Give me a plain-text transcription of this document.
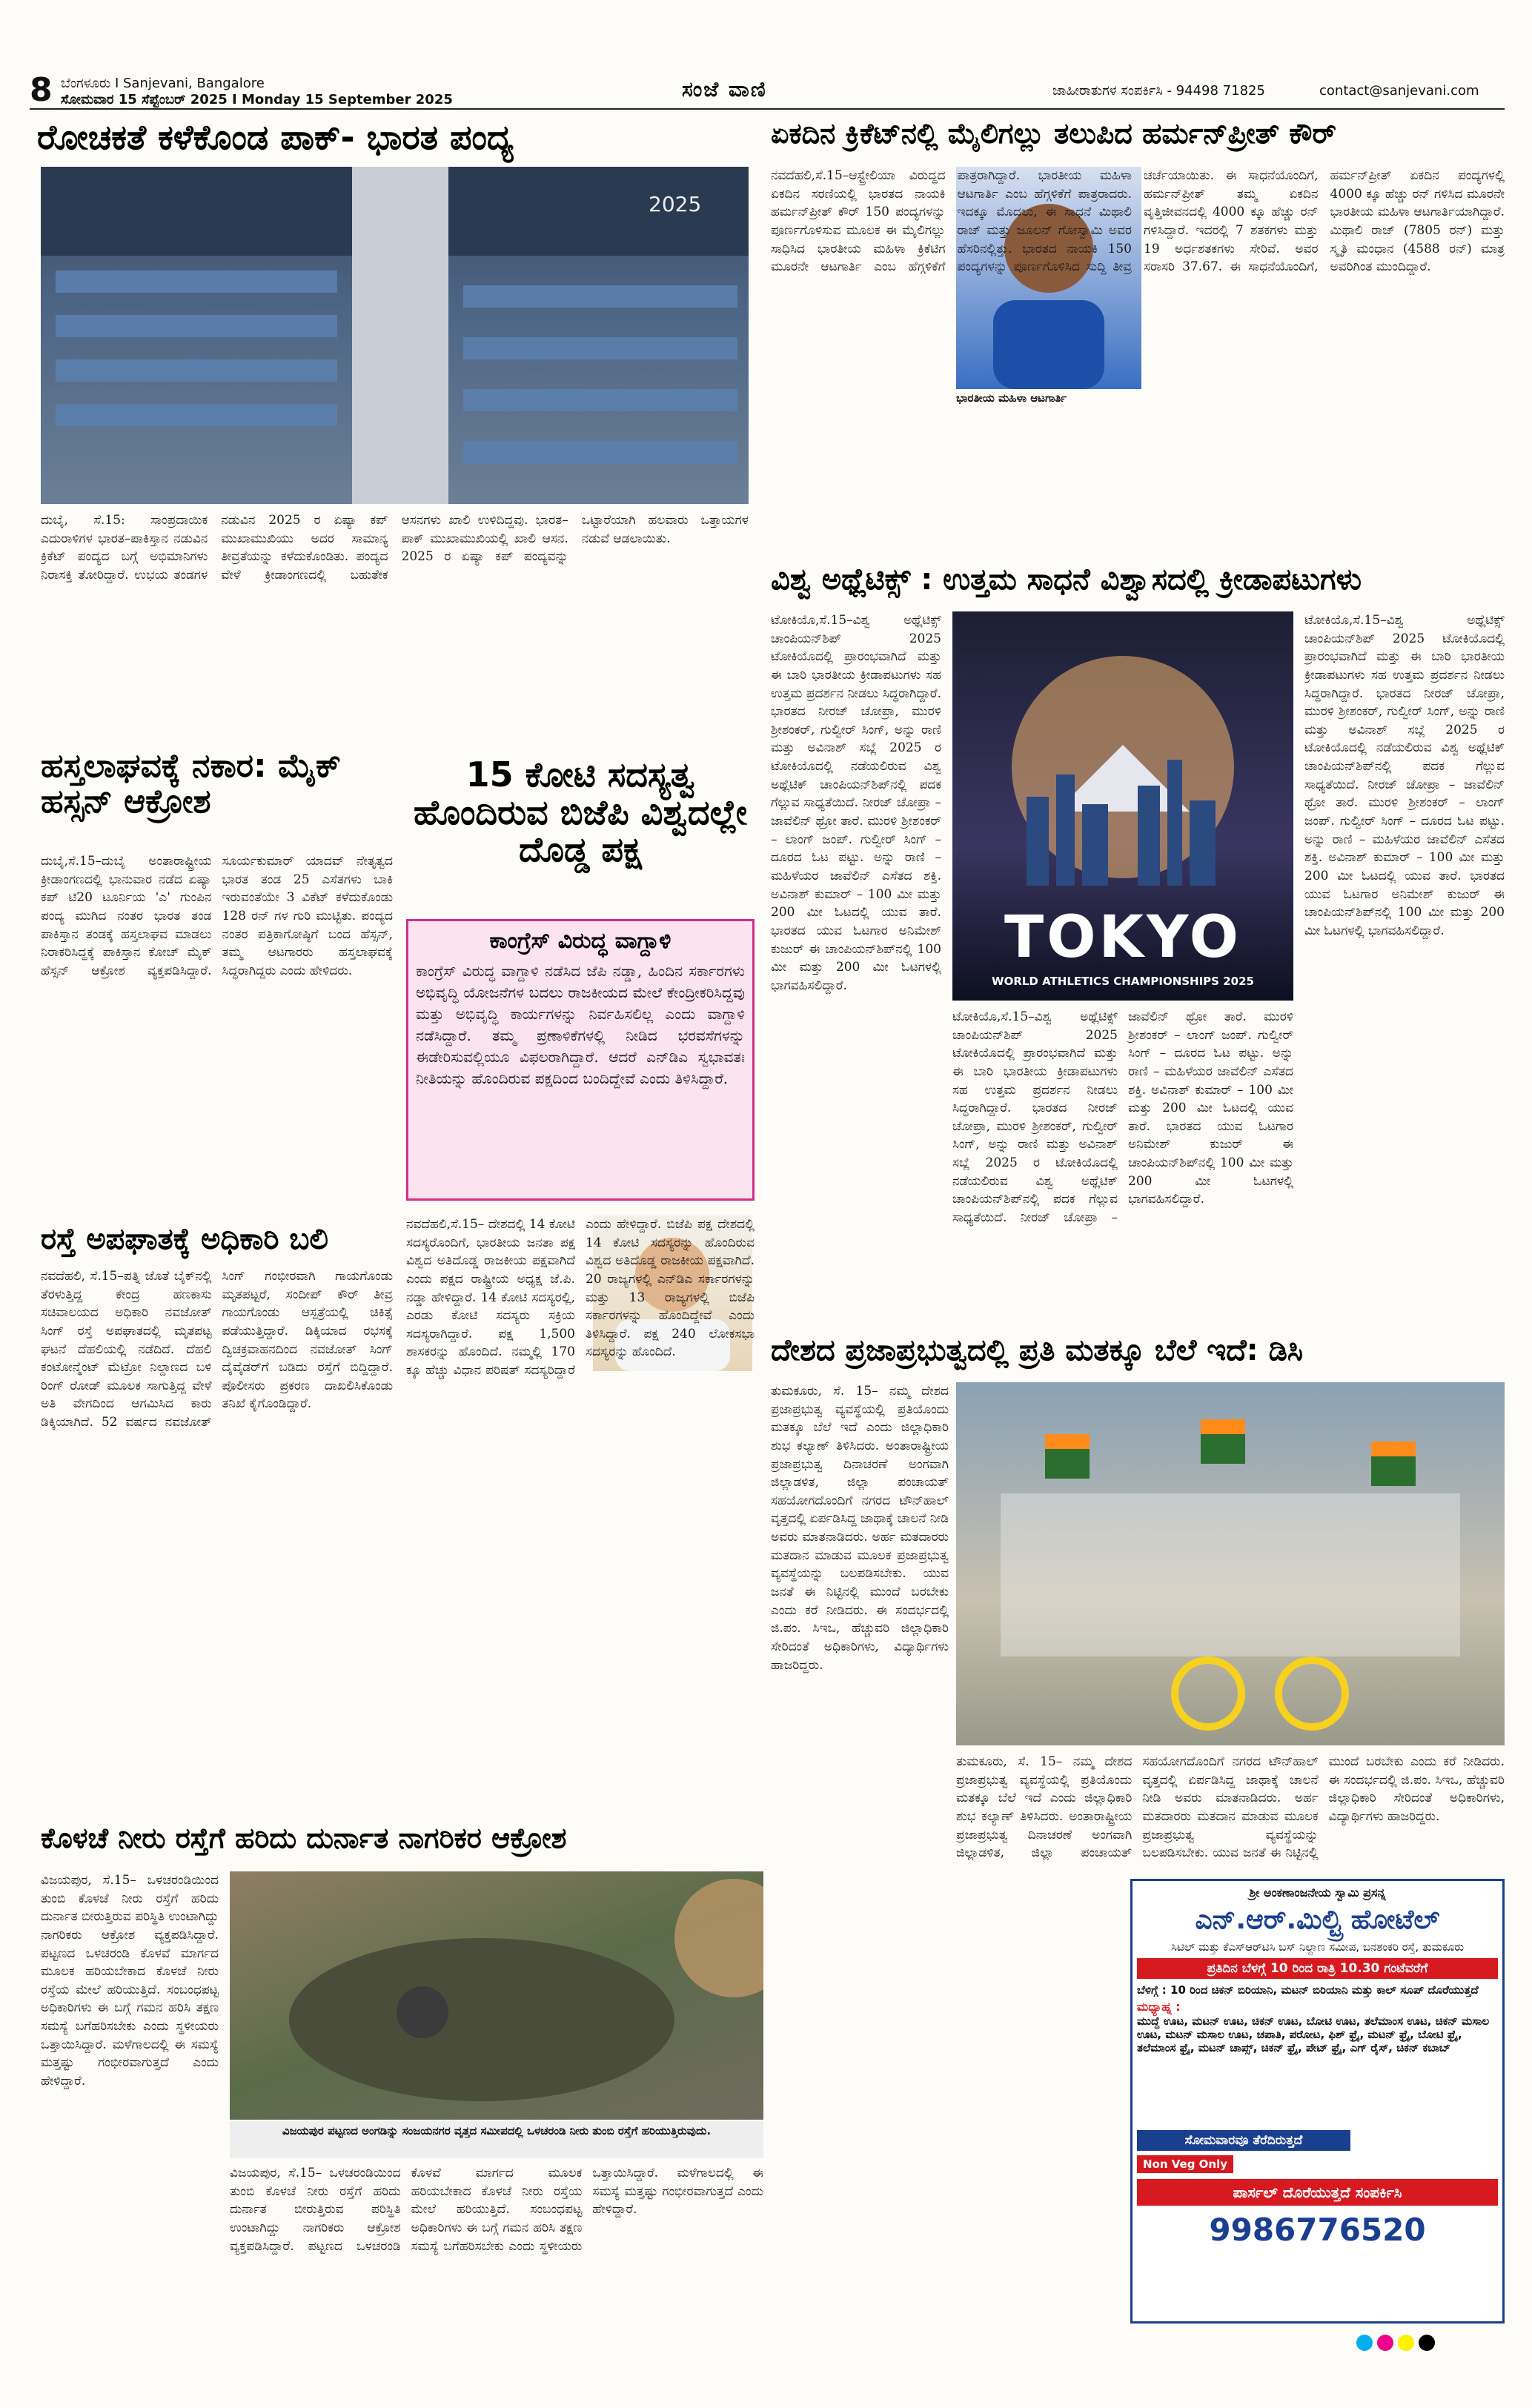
8 ಬೆಂಗಳೂರು I Sanjevani, Bangalore
ಸೋಮವಾರ 15 ಸೆಪ್ಟೆಂಬರ್ 2025 I Monday 15 September 2025	ಸಂಜೆ ವಾಣಿ	ಜಾಹೀರಾತುಗಳ ಸಂಪರ್ಕಿಸಿ - 94498 71825	contact@sanjevani.com
ರೋಚಕತೆ ಕಳೆಕೊಂಡ ಪಾಕ್- ಭಾರತ ಪಂದ್ಯ
2025
ದುಬೈ, ಸೆ.15: ಸಾಂಪ್ರದಾಯಿಕ ಎದುರಾಳಿಗಳ ಭಾರತ–ಪಾಕಿಸ್ತಾನ ನಡುವಿನ ಕ್ರಿಕೆಟ್ ಪಂದ್ಯದ ಬಗ್ಗೆ ಅಭಿಮಾನಿಗಳು ನಿರಾಸಕ್ತಿ ತೋರಿದ್ದಾರೆ. ಉಭಯ ತಂಡಗಳ ನಡುವಿನ 2025 ರ ಏಷ್ಯಾ ಕಪ್ ಮುಖಾಮುಖಿಯು ಅದರ ಸಾಮಾನ್ಯ ತೀವ್ರತೆಯನ್ನು ಕಳೆದುಕೊಂಡಿತು. ಪಂದ್ಯದ ವೇಳೆ ಕ್ರೀಡಾಂಗಣದಲ್ಲಿ ಬಹುತೇಕ ಆಸನಗಳು ಖಾಲಿ ಉಳಿದಿದ್ದವು. ಭಾರತ–ಪಾಕ್ ಮುಖಾಮುಖಿಯಲ್ಲಿ ಖಾಲಿ ಆಸನ. 2025 ರ ಏಷ್ಯಾ ಕಪ್ ಪಂದ್ಯವನ್ನು ಒಟ್ಟಾರೆಯಾಗಿ ಹಲವಾರು ಒತ್ತಾಯಗಳ ನಡುವೆ ಆಡಲಾಯಿತು.
ಏಕದಿನ ಕ್ರಿಕೆಟ್‌ನಲ್ಲಿ ಮೈಲಿಗಲ್ಲು ತಲುಪಿದ ಹರ್ಮನ್‌ಪ್ರೀತ್ ಕೌರ್
ಭಾರತೀಯ ಮಹಿಳಾ ಆಟಗಾರ್ತಿ
ನವದೆಹಲಿ,ಸೆ.15–ಆಸ್ಟ್ರೇಲಿಯಾ ವಿರುದ್ಧದ ಏಕದಿನ ಸರಣಿಯಲ್ಲಿ ಭಾರತದ ನಾಯಕಿ ಹರ್ಮನ್‌ಪ್ರೀತ್ ಕೌರ್ 150 ಪಂದ್ಯಗಳನ್ನು ಪೂರ್ಣಗೊಳಿಸುವ ಮೂಲಕ ಈ ಮೈಲಿಗಲ್ಲು ಸಾಧಿಸಿದ ಭಾರತೀಯ ಮಹಿಳಾ ಕ್ರಿಕೆಟಿಗ ಮೂರನೇ ಆಟಗಾರ್ತಿ ಎಂಬ ಹೆಗ್ಗಳಿಕೆಗೆ ಪಾತ್ರರಾಗಿದ್ದಾರೆ. ಭಾರತೀಯ ಮಹಿಳಾ ಆಟಗಾರ್ತಿ ಎಂಬ ಹೆಗ್ಗಳಿಕೆಗೆ ಪಾತ್ರರಾದರು. ಇದಕ್ಕೂ ಮೊದಲು, ಈ ಸಾಧನೆ ಮಿಥಾಲಿ ರಾಜ್ ಮತ್ತು ಜೂಲನ್ ಗೋಸ್ವಾಮಿ ಅವರ ಹೆಸರಿನಲ್ಲಿತ್ತು. ಭಾರತದ ನಾಯಕಿ 150 ಪಂದ್ಯಗಳನ್ನು ಪೂರ್ಣಗೊಳಿಸಿದ ಸುದ್ದಿ ತೀವ್ರ ಚರ್ಚೆಯಾಯಿತು. ಈ ಸಾಧನೆಯೊಂದಿಗೆ, ಹರ್ಮನ್‌ಪ್ರೀತ್ ತಮ್ಮ ಏಕದಿನ ವೃತ್ತಿಜೀವನದಲ್ಲಿ 4000 ಕ್ಕೂ ಹೆಚ್ಚು ರನ್ ಗಳಿಸಿದ್ದಾರೆ. ಇದರಲ್ಲಿ 7 ಶತಕಗಳು ಮತ್ತು 19 ಅರ್ಧಶತಕಗಳು ಸೇರಿವೆ. ಅವರ ಸರಾಸರಿ 37.67. ಈ ಸಾಧನೆಯೊಂದಿಗೆ, ಹರ್ಮನ್‌ಪ್ರೀತ್ ಏಕದಿನ ಪಂದ್ಯಗಳಲ್ಲಿ 4000 ಕ್ಕೂ ಹೆಚ್ಚು ರನ್ ಗಳಿಸಿದ ಮೂರನೇ ಭಾರತೀಯ ಮಹಿಳಾ ಆಟಗಾರ್ತಿಯಾಗಿದ್ದಾರೆ. ಮಿಥಾಲಿ ರಾಜ್ (7805 ರನ್) ಮತ್ತು ಸ್ಮೃತಿ ಮಂಧಾನ (4588 ರನ್) ಮಾತ್ರ ಅವರಿಗಿಂತ ಮುಂದಿದ್ದಾರೆ.
ಹಸ್ತಲಾಘವಕ್ಕೆ ನಕಾರ: ಮೈಕ್ ಹಸ್ಸನ್ ಆಕ್ರೋಶ
ದುಬೈ,ಸೆ.15–ದುಬೈ ಅಂತಾರಾಷ್ಟ್ರೀಯ ಕ್ರೀಡಾಂಗಣದಲ್ಲಿ ಭಾನುವಾರ ನಡೆದ ಏಷ್ಯಾ ಕಪ್ ಟಿ20 ಟೂರ್ನಿಯ 'ಎ' ಗುಂಪಿನ ಪಂದ್ಯ ಮುಗಿದ ನಂತರ ಭಾರತ ತಂಡ ಪಾಕಿಸ್ತಾನ ತಂಡಕ್ಕೆ ಹಸ್ತಲಾಘವ ಮಾಡಲು ನಿರಾಕರಿಸಿದ್ದಕ್ಕೆ ಪಾಕಿಸ್ತಾನ ಕೋಚ್ ಮೈಕ್ ಹೆಸ್ಸನ್ ಆಕ್ರೋಶ ವ್ಯಕ್ತಪಡಿಸಿದ್ದಾರೆ. ಸೂರ್ಯಕುಮಾರ್ ಯಾದವ್ ನೇತೃತ್ವದ ಭಾರತ ತಂಡ 25 ಎಸೆತಗಳು ಬಾಕಿ ಇರುವಂತೆಯೇ 3 ವಿಕೆಟ್ ಕಳೆದುಕೊಂಡು 128 ರನ್ ಗಳ ಗುರಿ ಮುಟ್ಟಿತು. ಪಂದ್ಯದ ನಂತರ ಪತ್ರಿಕಾಗೋಷ್ಠಿಗೆ ಬಂದ ಹೆಸ್ಸನ್, ತಮ್ಮ ಆಟಗಾರರು ಹಸ್ತಲಾಘವಕ್ಕೆ ಸಿದ್ಧರಾಗಿದ್ದರು ಎಂದು ಹೇಳಿದರು.
15 ಕೋಟಿ ಸದಸ್ಯತ್ವ ಹೊಂದಿರುವ ಬಿಜೆಪಿ ವಿಶ್ವದಲ್ಲೇ ದೊಡ್ಡ ಪಕ್ಷ
ಕಾಂಗ್ರೆಸ್ ವಿರುದ್ಧ ವಾಗ್ದಾಳಿ
ಕಾಂಗ್ರೆಸ್ ವಿರುದ್ಧ ವಾಗ್ದಾಳಿ ನಡೆಸಿದ ಜೆಪಿ ನಡ್ಡಾ, ಹಿಂದಿನ ಸರ್ಕಾರಗಳು ಅಭಿವೃದ್ಧಿ ಯೋಜನೆಗಳ ಬದಲು ರಾಜಕೀಯದ ಮೇಲೆ ಕೇಂದ್ರೀಕರಿಸಿದ್ದವು ಮತ್ತು ಅಭಿವೃದ್ಧಿ ಕಾರ್ಯಗಳನ್ನು ನಿರ್ವಹಿಸಲಿಲ್ಲ ಎಂದು ವಾಗ್ದಾಳಿ ನಡೆಸಿದ್ದಾರೆ. ತಮ್ಮ ಪ್ರಣಾಳಿಕೆಗಳಲ್ಲಿ ನೀಡಿದ ಭರವಸೆಗಳನ್ನು ಈಡೇರಿಸುವಲ್ಲಿಯೂ ವಿಫಲರಾಗಿದ್ದಾರೆ. ಆದರೆ ಎನ್‌ಡಿಎ ಸ್ವಭಾವತಃ ನೀತಿಯನ್ನು ಹೊಂದಿರುವ ಪಕ್ಷದಿಂದ ಬಂದಿದ್ದೇವೆ ಎಂದು ತಿಳಿಸಿದ್ದಾರೆ.
ನವದೆಹಲಿ,ಸೆ.15– ದೇಶದಲ್ಲಿ 14 ಕೋಟಿ ಸದಸ್ಯರೊಂದಿಗೆ, ಭಾರತೀಯ ಜನತಾ ಪಕ್ಷ ವಿಶ್ವದ ಅತಿದೊಡ್ಡ ರಾಜಕೀಯ ಪಕ್ಷವಾಗಿದೆ ಎಂದು ಪಕ್ಷದ ರಾಷ್ಟ್ರೀಯ ಅಧ್ಯಕ್ಷ ಜೆ.ಪಿ. ನಡ್ಡಾ ಹೇಳಿದ್ದಾರೆ. 14 ಕೋಟಿ ಸದಸ್ಯರಲ್ಲಿ, ಎರಡು ಕೋಟಿ ಸದಸ್ಯರು ಸಕ್ರಿಯ ಸದಸ್ಯರಾಗಿದ್ದಾರೆ. ಪಕ್ಷ 1,500 ಶಾಸಕರನ್ನು ಹೊಂದಿದೆ. ನಮ್ಮಲ್ಲಿ 170 ಕ್ಕೂ ಹೆಚ್ಚು ವಿಧಾನ ಪರಿಷತ್ ಸದಸ್ಯರಿದ್ದಾರೆ ಎಂದು ಹೇಳಿದ್ದಾರೆ. ಬಿಜೆಪಿ ಪಕ್ಷ ದೇಶದಲ್ಲಿ 14 ಕೋಟಿ ಸದಸ್ಯರನ್ನು ಹೊಂದಿರುವ ವಿಶ್ವದ ಅತಿದೊಡ್ಡ ರಾಜಕೀಯ ಪಕ್ಷವಾಗಿದೆ. 20 ರಾಜ್ಯಗಳಲ್ಲಿ ಎನ್‌ಡಿಎ ಸರ್ಕಾರಗಳನ್ನು ಮತ್ತು 13 ರಾಜ್ಯಗಳಲ್ಲಿ ಬಿಜೆಪಿ ಸರ್ಕಾರಗಳನ್ನು ಹೊಂದಿದ್ದೇವೆ ಎಂದು ತಿಳಿಸಿದ್ದಾರೆ. ಪಕ್ಷ 240 ಲೋಕಸಭಾ ಸದಸ್ಯರನ್ನು ಹೊಂದಿದೆ.
ರಸ್ತೆ ಅಪಘಾತಕ್ಕೆ ಅಧಿಕಾರಿ ಬಲಿ
ನವದೆಹಲಿ, ಸೆ.15–ಪತ್ನಿ ಜೊತೆ ಬೈಕ್‌ನಲ್ಲಿ ತೆರಳುತ್ತಿದ್ದ ಕೇಂದ್ರ ಹಣಕಾಸು ಸಚಿವಾಲಯದ ಅಧಿಕಾರಿ ನವಜೋತ್ ಸಿಂಗ್ ರಸ್ತೆ ಅಪಘಾತದಲ್ಲಿ ಮೃತಪಟ್ಟ ಘಟನೆ ದೆಹಲಿಯಲ್ಲಿ ನಡೆದಿದೆ. ದೆಹಲಿ ಕಂಟೋನ್ಮೆಂಟ್ ಮೆಟ್ರೋ ನಿಲ್ದಾಣದ ಬಳಿ ರಿಂಗ್ ರೋಡ್ ಮೂಲಕ ಸಾಗುತ್ತಿದ್ದ ವೇಳೆ ಅತಿ ವೇಗದಿಂದ ಆಗಮಿಸಿದ ಕಾರು ಡಿಕ್ಕಿಯಾಗಿದೆ. 52 ವರ್ಷದ ನವಜೋತ್ ಸಿಂಗ್ ಗಂಭೀರವಾಗಿ ಗಾಯಗೊಂಡು ಮೃತಪಟ್ಟರೆ, ಸಂದೀಪ್ ಕೌರ್ ತೀವ್ರ ಗಾಯಗೊಂಡು ಆಸ್ಪತ್ರೆಯಲ್ಲಿ ಚಿಕಿತ್ಸೆ ಪಡೆಯುತ್ತಿದ್ದಾರೆ. ಡಿಕ್ಕಿಯಾದ ರಭಸಕ್ಕೆ ದ್ವಿಚಕ್ರವಾಹನದಿಂದ ನವಜೋತ್ ಸಿಂಗ್ ದೈವೈಡರ್‌ಗೆ ಬಡಿದು ರಸ್ತೆಗೆ ಬಿದ್ದಿದ್ದಾರೆ. ಪೊಲೀಸರು ಪ್ರಕರಣ ದಾಖಲಿಸಿಕೊಂಡು ತನಿಖೆ ಕೈಗೊಂಡಿದ್ದಾರೆ.
ವಿಶ್ವ ಅಥ್ಲೆಟಿಕ್ಸ್ : ಉತ್ತಮ ಸಾಧನೆ ವಿಶ್ವಾಸದಲ್ಲಿ ಕ್ರೀಡಾಪಟುಗಳು
ಟೋಕಿಯೊ,ಸೆ.15–ವಿಶ್ವ ಅಥ್ಲೆಟಿಕ್ಸ್ ಚಾಂಪಿಯನ್‌ಶಿಪ್ 2025 ಟೋಕಿಯೊದಲ್ಲಿ ಪ್ರಾರಂಭವಾಗಿದೆ ಮತ್ತು ಈ ಬಾರಿ ಭಾರತೀಯ ಕ್ರೀಡಾಪಟುಗಳು ಸಹ ಉತ್ತಮ ಪ್ರದರ್ಶನ ನೀಡಲು ಸಿದ್ಧರಾಗಿದ್ದಾರೆ. ಭಾರತದ ನೀರಜ್ ಚೋಪ್ರಾ, ಮುರಳಿ ಶ್ರೀಶಂಕರ್, ಗುಲ್ವೀರ್ ಸಿಂಗ್, ಅನ್ನು ರಾಣಿ ಮತ್ತು ಅವಿನಾಶ್ ಸಬ್ಲೆ 2025 ರ ಟೋಕಿಯೊದಲ್ಲಿ ನಡೆಯಲಿರುವ ವಿಶ್ವ ಅಥ್ಲೆಟಿಕ್ ಚಾಂಪಿಯನ್‌ಶಿಪ್‌ನಲ್ಲಿ ಪದಕ ಗೆಲ್ಲುವ ಸಾಧ್ಯತೆಯಿದೆ. ನೀರಜ್ ಚೋಪ್ರಾ – ಜಾವೆಲಿನ್ ಥ್ರೋ ತಾರೆ. ಮುರಳಿ ಶ್ರೀಶಂಕರ್ – ಲಾಂಗ್ ಜಂಪ್. ಗುಲ್ವೀರ್ ಸಿಂಗ್ – ದೂರದ ಓಟ ಪಟ್ಟು. ಅನ್ನು ರಾಣಿ – ಮಹಿಳೆಯರ ಜಾವೆಲಿನ್ ಎಸೆತದ ಶಕ್ತಿ. ಅವಿನಾಶ್ ಕುಮಾರ್ – 100 ಮೀ ಮತ್ತು 200 ಮೀ ಓಟದಲ್ಲಿ ಯುವ ತಾರೆ. ಭಾರತದ ಯುವ ಓಟಗಾರ ಅನಿಮೇಶ್ ಕುಜುರ್ ಈ ಚಾಂಪಿಯನ್‌ಶಿಪ್‌ನಲ್ಲಿ 100 ಮೀ ಮತ್ತು 200 ಮೀ ಓಟಗಳಲ್ಲಿ ಭಾಗವಹಿಸಲಿದ್ದಾರೆ.
TOKYO
WORLD ATHLETICS CHAMPIONSHIPS 2025
ಟೋಕಿಯೊ,ಸೆ.15–ವಿಶ್ವ ಅಥ್ಲೆಟಿಕ್ಸ್ ಚಾಂಪಿಯನ್‌ಶಿಪ್ 2025 ಟೋಕಿಯೊದಲ್ಲಿ ಪ್ರಾರಂಭವಾಗಿದೆ ಮತ್ತು ಈ ಬಾರಿ ಭಾರತೀಯ ಕ್ರೀಡಾಪಟುಗಳು ಸಹ ಉತ್ತಮ ಪ್ರದರ್ಶನ ನೀಡಲು ಸಿದ್ಧರಾಗಿದ್ದಾರೆ. ಭಾರತದ ನೀರಜ್ ಚೋಪ್ರಾ, ಮುರಳಿ ಶ್ರೀಶಂಕರ್, ಗುಲ್ವೀರ್ ಸಿಂಗ್, ಅನ್ನು ರಾಣಿ ಮತ್ತು ಅವಿನಾಶ್ ಸಬ್ಲೆ 2025 ರ ಟೋಕಿಯೊದಲ್ಲಿ ನಡೆಯಲಿರುವ ವಿಶ್ವ ಅಥ್ಲೆಟಿಕ್ ಚಾಂಪಿಯನ್‌ಶಿಪ್‌ನಲ್ಲಿ ಪದಕ ಗೆಲ್ಲುವ ಸಾಧ್ಯತೆಯಿದೆ. ನೀರಜ್ ಚೋಪ್ರಾ – ಜಾವೆಲಿನ್ ಥ್ರೋ ತಾರೆ. ಮುರಳಿ ಶ್ರೀಶಂಕರ್ – ಲಾಂಗ್ ಜಂಪ್. ಗುಲ್ವೀರ್ ಸಿಂಗ್ – ದೂರದ ಓಟ ಪಟ್ಟು. ಅನ್ನು ರಾಣಿ – ಮಹಿಳೆಯರ ಜಾವೆಲಿನ್ ಎಸೆತದ ಶಕ್ತಿ. ಅವಿನಾಶ್ ಕುಮಾರ್ – 100 ಮೀ ಮತ್ತು 200 ಮೀ ಓಟದಲ್ಲಿ ಯುವ ತಾರೆ. ಭಾರತದ ಯುವ ಓಟಗಾರ ಅನಿಮೇಶ್ ಕುಜುರ್ ಈ ಚಾಂಪಿಯನ್‌ಶಿಪ್‌ನಲ್ಲಿ 100 ಮೀ ಮತ್ತು 200 ಮೀ ಓಟಗಳಲ್ಲಿ ಭಾಗವಹಿಸಲಿದ್ದಾರೆ.
ಟೋಕಿಯೊ,ಸೆ.15–ವಿಶ್ವ ಅಥ್ಲೆಟಿಕ್ಸ್ ಚಾಂಪಿಯನ್‌ಶಿಪ್ 2025 ಟೋಕಿಯೊದಲ್ಲಿ ಪ್ರಾರಂಭವಾಗಿದೆ ಮತ್ತು ಈ ಬಾರಿ ಭಾರತೀಯ ಕ್ರೀಡಾಪಟುಗಳು ಸಹ ಉತ್ತಮ ಪ್ರದರ್ಶನ ನೀಡಲು ಸಿದ್ಧರಾಗಿದ್ದಾರೆ. ಭಾರತದ ನೀರಜ್ ಚೋಪ್ರಾ, ಮುರಳಿ ಶ್ರೀಶಂಕರ್, ಗುಲ್ವೀರ್ ಸಿಂಗ್, ಅನ್ನು ರಾಣಿ ಮತ್ತು ಅವಿನಾಶ್ ಸಬ್ಲೆ 2025 ರ ಟೋಕಿಯೊದಲ್ಲಿ ನಡೆಯಲಿರುವ ವಿಶ್ವ ಅಥ್ಲೆಟಿಕ್ ಚಾಂಪಿಯನ್‌ಶಿಪ್‌ನಲ್ಲಿ ಪದಕ ಗೆಲ್ಲುವ ಸಾಧ್ಯತೆಯಿದೆ. ನೀರಜ್ ಚೋಪ್ರಾ – ಜಾವೆಲಿನ್ ಥ್ರೋ ತಾರೆ. ಮುರಳಿ ಶ್ರೀಶಂಕರ್ – ಲಾಂಗ್ ಜಂಪ್. ಗುಲ್ವೀರ್ ಸಿಂಗ್ – ದೂರದ ಓಟ ಪಟ್ಟು. ಅನ್ನು ರಾಣಿ – ಮಹಿಳೆಯರ ಜಾವೆಲಿನ್ ಎಸೆತದ ಶಕ್ತಿ. ಅವಿನಾಶ್ ಕುಮಾರ್ – 100 ಮೀ ಮತ್ತು 200 ಮೀ ಓಟದಲ್ಲಿ ಯುವ ತಾರೆ. ಭಾರತದ ಯುವ ಓಟಗಾರ ಅನಿಮೇಶ್ ಕುಜುರ್ ಈ ಚಾಂಪಿಯನ್‌ಶಿಪ್‌ನಲ್ಲಿ 100 ಮೀ ಮತ್ತು 200 ಮೀ ಓಟಗಳಲ್ಲಿ ಭಾಗವಹಿಸಲಿದ್ದಾರೆ.
ದೇಶದ ಪ್ರಜಾಪ್ರಭುತ್ವದಲ್ಲಿ ಪ್ರತಿ ಮತಕ್ಕೂ ಬೆಲೆ ಇದೆ: ಡಿಸಿ
ತುಮಕೂರು, ಸೆ. 15– ನಮ್ಮ ದೇಶದ ಪ್ರಜಾಪ್ರಭುತ್ವ ವ್ಯವಸ್ಥೆಯಲ್ಲಿ ಪ್ರತಿಯೊಂದು ಮತಕ್ಕೂ ಬೆಲೆ ಇದೆ ಎಂದು ಜಿಲ್ಲಾಧಿಕಾರಿ ಶುಭ ಕಲ್ಯಾಣ್ ತಿಳಿಸಿದರು. ಅಂತಾರಾಷ್ಟ್ರೀಯ ಪ್ರಜಾಪ್ರಭುತ್ವ ದಿನಾಚರಣೆ ಅಂಗವಾಗಿ ಜಿಲ್ಲಾಡಳಿತ, ಜಿಲ್ಲಾ ಪಂಚಾಯತ್ ಸಹಯೋಗದೊಂದಿಗೆ ನಗರದ ಟೌನ್‌ಹಾಲ್ ವೃತ್ತದಲ್ಲಿ ಏರ್ಪಡಿಸಿದ್ದ ಜಾಥಾಕ್ಕೆ ಚಾಲನೆ ನೀಡಿ ಅವರು ಮಾತನಾಡಿದರು. ಅರ್ಹ ಮತದಾರರು ಮತದಾನ ಮಾಡುವ ಮೂಲಕ ಪ್ರಜಾಪ್ರಭುತ್ವ ವ್ಯವಸ್ಥೆಯನ್ನು ಬಲಪಡಿಸಬೇಕು. ಯುವ ಜನತೆ ಈ ನಿಟ್ಟಿನಲ್ಲಿ ಮುಂದೆ ಬರಬೇಕು ಎಂದು ಕರೆ ನೀಡಿದರು. ಈ ಸಂದರ್ಭದಲ್ಲಿ ಜಿ.ಪಂ. ಸಿಇಒ, ಹೆಚ್ಚುವರಿ ಜಿಲ್ಲಾಧಿಕಾರಿ ಸೇರಿದಂತೆ ಅಧಿಕಾರಿಗಳು, ವಿದ್ಯಾರ್ಥಿಗಳು ಹಾಜರಿದ್ದರು.
ತುಮಕೂರು, ಸೆ. 15– ನಮ್ಮ ದೇಶದ ಪ್ರಜಾಪ್ರಭುತ್ವ ವ್ಯವಸ್ಥೆಯಲ್ಲಿ ಪ್ರತಿಯೊಂದು ಮತಕ್ಕೂ ಬೆಲೆ ಇದೆ ಎಂದು ಜಿಲ್ಲಾಧಿಕಾರಿ ಶುಭ ಕಲ್ಯಾಣ್ ತಿಳಿಸಿದರು. ಅಂತಾರಾಷ್ಟ್ರೀಯ ಪ್ರಜಾಪ್ರಭುತ್ವ ದಿನಾಚರಣೆ ಅಂಗವಾಗಿ ಜಿಲ್ಲಾಡಳಿತ, ಜಿಲ್ಲಾ ಪಂಚಾಯತ್ ಸಹಯೋಗದೊಂದಿಗೆ ನಗರದ ಟೌನ್‌ಹಾಲ್ ವೃತ್ತದಲ್ಲಿ ಏರ್ಪಡಿಸಿದ್ದ ಜಾಥಾಕ್ಕೆ ಚಾಲನೆ ನೀಡಿ ಅವರು ಮಾತನಾಡಿದರು. ಅರ್ಹ ಮತದಾರರು ಮತದಾನ ಮಾಡುವ ಮೂಲಕ ಪ್ರಜಾಪ್ರಭುತ್ವ ವ್ಯವಸ್ಥೆಯನ್ನು ಬಲಪಡಿಸಬೇಕು. ಯುವ ಜನತೆ ಈ ನಿಟ್ಟಿನಲ್ಲಿ ಮುಂದೆ ಬರಬೇಕು ಎಂದು ಕರೆ ನೀಡಿದರು. ಈ ಸಂದರ್ಭದಲ್ಲಿ ಜಿ.ಪಂ. ಸಿಇಒ, ಹೆಚ್ಚುವರಿ ಜಿಲ್ಲಾಧಿಕಾರಿ ಸೇರಿದಂತೆ ಅಧಿಕಾರಿಗಳು, ವಿದ್ಯಾರ್ಥಿಗಳು ಹಾಜರಿದ್ದರು.
ಶ್ರೀ ಅಂಕಣಾಂಜನೇಯ ಸ್ವಾಮಿ ಪ್ರಸನ್ನ
ಎನ್.ಆರ್.ಮಿಲ್ಟ್ರಿ ಹೋಟೆಲ್
ಸಿಟಿಲ್ ಮತ್ತು ಕೆಎಸ್‌ಆರ್‌ಟಿಸಿ ಬಸ್ ನಿಲ್ದಾಣ ಸಮೀಪ, ಬನಶಂಕರಿ ರಸ್ತೆ, ತುಮಕೂರು
ಪ್ರತಿದಿನ ಬೆಳಗ್ಗೆ 10 ರಿಂದ ರಾತ್ರಿ 10.30 ಗಂಟೆವರೆಗೆ
ಬೆಳಿಗ್ಗೆ : 10 ರಿಂದ ಚಿಕನ್ ಬಿರಿಯಾನಿ, ಮಟನ್ ಬಿರಿಯಾನಿ ಮತ್ತು ಕಾಲ್ ಸೂಪ್ ದೊರೆಯುತ್ತದೆ
ಮಧ್ಯಾಹ್ನ :
ಮುದ್ದೆ ಊಟ, ಮಟನ್ ಊಟ, ಚಿಕನ್ ಊಟ, ಬೋಟಿ ಊಟ, ತಲೆಮಾಂಸ ಊಟ, ಚಿಕನ್ ಮಸಾಲ ಊಟ, ಮಟನ್ ಮಸಾಲ ಊಟ, ಚಪಾತಿ, ಪರೋಟ, ಫಿಶ್ ಫ್ರೈ, ಮಟನ್ ಫ್ರೈ, ಬೋಟಿ ಫ್ರೈ, ತಲೆಮಾಂಸ ಫ್ರೈ, ಮಟನ್ ಚಾಪ್ಸ್, ಚಿಕನ್ ಫ್ರೈ, ಪೇಟ್ ಫ್ರೈ, ಎಗ್ ರೈಸ್, ಚಿಕನ್ ಕಬಾಬ್
ಸೋಮವಾರವೂ ತೆರೆದಿರುತ್ತದೆ
Non Veg Only
ಪಾರ್ಸಲ್ ದೊರೆಯುತ್ತದೆ ಸಂಪರ್ಕಿಸಿ
9986776520
ಕೊಳಚೆ ನೀರು ರಸ್ತೆಗೆ ಹರಿದು ದುರ್ನಾತ ನಾಗರಿಕರ ಆಕ್ರೋಶ
ವಿಜಯಪುರ, ಸೆ.15– ಒಳಚರಂಡಿಯಿಂದ ತುಂಬಿ ಕೊಳಚೆ ನೀರು ರಸ್ತೆಗೆ ಹರಿದು ದುರ್ನಾತ ಬೀರುತ್ತಿರುವ ಪರಿಸ್ಥಿತಿ ಉಂಟಾಗಿದ್ದು ನಾಗರಿಕರು ಆಕ್ರೋಶ ವ್ಯಕ್ತಪಡಿಸಿದ್ದಾರೆ. ಪಟ್ಟಣದ ಒಳಚರಂಡಿ ಕೊಳವೆ ಮಾರ್ಗದ ಮೂಲಕ ಹರಿಯಬೇಕಾದ ಕೊಳಚೆ ನೀರು ರಸ್ತೆಯ ಮೇಲೆ ಹರಿಯುತ್ತಿದೆ. ಸಂಬಂಧಪಟ್ಟ ಅಧಿಕಾರಿಗಳು ಈ ಬಗ್ಗೆ ಗಮನ ಹರಿಸಿ ತಕ್ಷಣ ಸಮಸ್ಯೆ ಬಗೆಹರಿಸಬೇಕು ಎಂದು ಸ್ಥಳೀಯರು ಒತ್ತಾಯಿಸಿದ್ದಾರೆ. ಮಳೆಗಾಲದಲ್ಲಿ ಈ ಸಮಸ್ಯೆ ಮತ್ತಷ್ಟು ಗಂಭೀರವಾಗುತ್ತದೆ ಎಂದು ಹೇಳಿದ್ದಾರೆ.
ವಿಜಯಪುರ ಪಟ್ಟಣದ ಅಂಗಡಿನ್ನು ಸಂಜಯನಗರ ವೃತ್ತದ ಸಮೀಪದಲ್ಲಿ ಒಳಚರಂಡಿ ನೀರು ತುಂಬಿ ರಸ್ತೆಗೆ ಹರಿಯುತ್ತಿರುವುದು.
ವಿಜಯಪುರ, ಸೆ.15– ಒಳಚರಂಡಿಯಿಂದ ತುಂಬಿ ಕೊಳಚೆ ನೀರು ರಸ್ತೆಗೆ ಹರಿದು ದುರ್ನಾತ ಬೀರುತ್ತಿರುವ ಪರಿಸ್ಥಿತಿ ಉಂಟಾಗಿದ್ದು ನಾಗರಿಕರು ಆಕ್ರೋಶ ವ್ಯಕ್ತಪಡಿಸಿದ್ದಾರೆ. ಪಟ್ಟಣದ ಒಳಚರಂಡಿ ಕೊಳವೆ ಮಾರ್ಗದ ಮೂಲಕ ಹರಿಯಬೇಕಾದ ಕೊಳಚೆ ನೀರು ರಸ್ತೆಯ ಮೇಲೆ ಹರಿಯುತ್ತಿದೆ. ಸಂಬಂಧಪಟ್ಟ ಅಧಿಕಾರಿಗಳು ಈ ಬಗ್ಗೆ ಗಮನ ಹರಿಸಿ ತಕ್ಷಣ ಸಮಸ್ಯೆ ಬಗೆಹರಿಸಬೇಕು ಎಂದು ಸ್ಥಳೀಯರು ಒತ್ತಾಯಿಸಿದ್ದಾರೆ. ಮಳೆಗಾಲದಲ್ಲಿ ಈ ಸಮಸ್ಯೆ ಮತ್ತಷ್ಟು ಗಂಭೀರವಾಗುತ್ತದೆ ಎಂದು ಹೇಳಿದ್ದಾರೆ.
